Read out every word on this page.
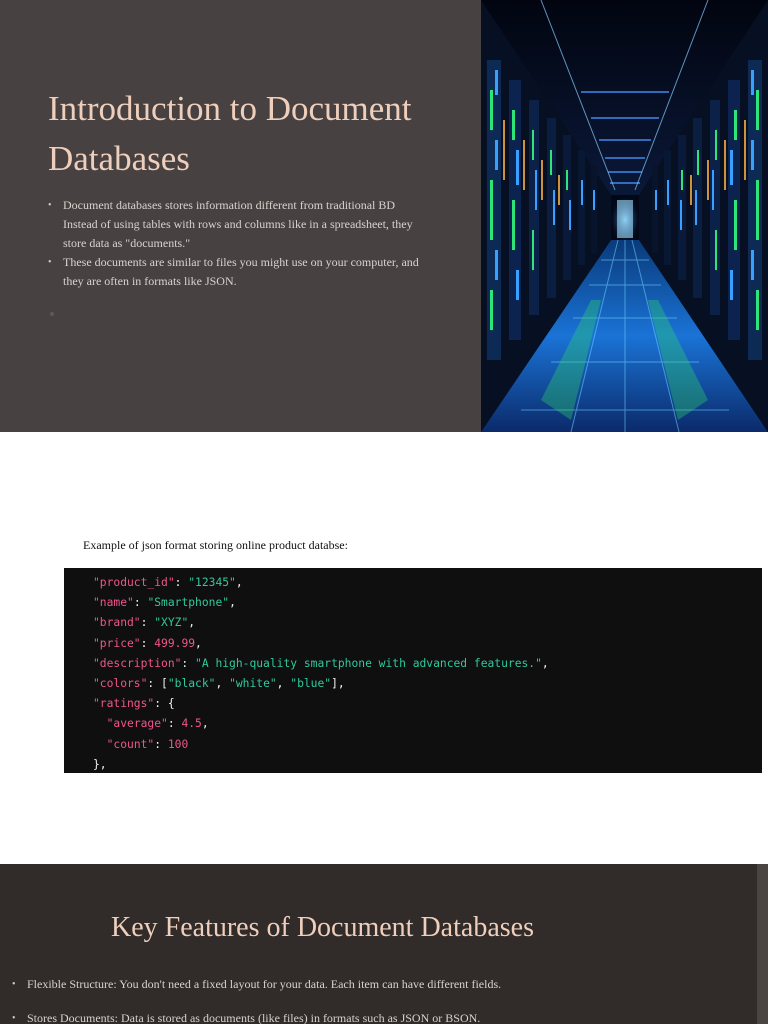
Introduction to Document Databases
• Document databases stores information different from traditional BD Instead of using tables with rows and columns like in a spreadsheet, they store data as "documents."
• These documents are similar to files you might use on your computer, and they are often in formats like JSON.

Example of json format storing online product databse:

"product_id": "12345",
"name": "Smartphone",
"brand": "XYZ",
"price": 499.99,
"description": "A high-quality smartphone with advanced features.",
"colors": ["black", "white", "blue"],
"ratings": {
"average": 4.5,
"count": 100
},
Key Features of Document Databases
• Flexible Structure: You don't need a fixed layout for your data. Each item can have different fields.
• Stores Documents: Data is stored as documents (like files) in formats such as JSON or BSON.
